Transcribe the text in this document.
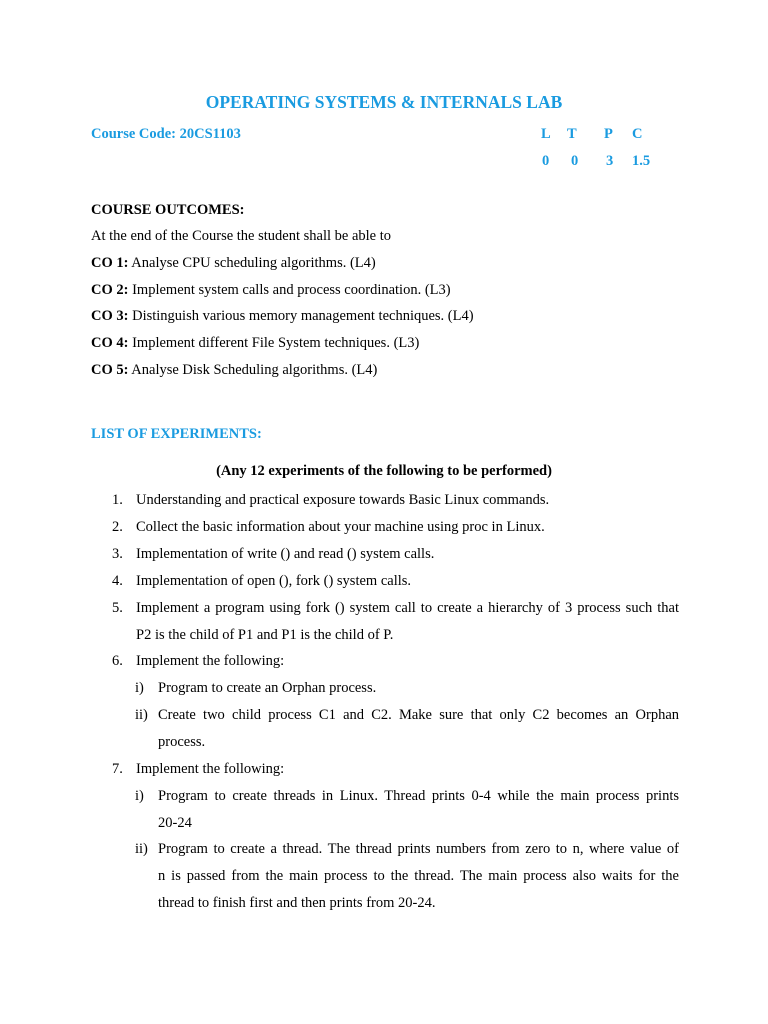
OPERATING SYSTEMS & INTERNALS LAB
Course Code: 20CS1103	L T P C
0 0 3 1.5
COURSE OUTCOMES:
At the end of the Course the student shall be able to
CO 1: Analyse CPU scheduling algorithms. (L4)
CO 2: Implement system calls and process coordination. (L3)
CO 3: Distinguish various memory management techniques. (L4)
CO 4: Implement different File System techniques. (L3)
CO 5: Analyse Disk Scheduling algorithms. (L4)
LIST OF EXPERIMENTS:
(Any 12 experiments of the following to be performed)
1. Understanding and practical exposure towards Basic Linux commands.
2. Collect the basic information about your machine using proc in Linux.
3. Implementation of write () and read () system calls.
4. Implementation of open (), fork () system calls.
5. Implement a program using fork () system call to create a hierarchy of 3 process such that
P2 is the child of P1 and P1 is the child of P.
6. Implement the following:
i) Program to create an Orphan process.
ii) Create two child process C1 and C2. Make sure that only C2 becomes an Orphan
process.
7. Implement the following:
i) Program to create threads in Linux. Thread prints 0-4 while the main process prints
20-24
ii) Program to create a thread. The thread prints numbers from zero to n, where value of
n is passed from the main process to the thread. The main process also waits for the
thread to finish first and then prints from 20-24.
